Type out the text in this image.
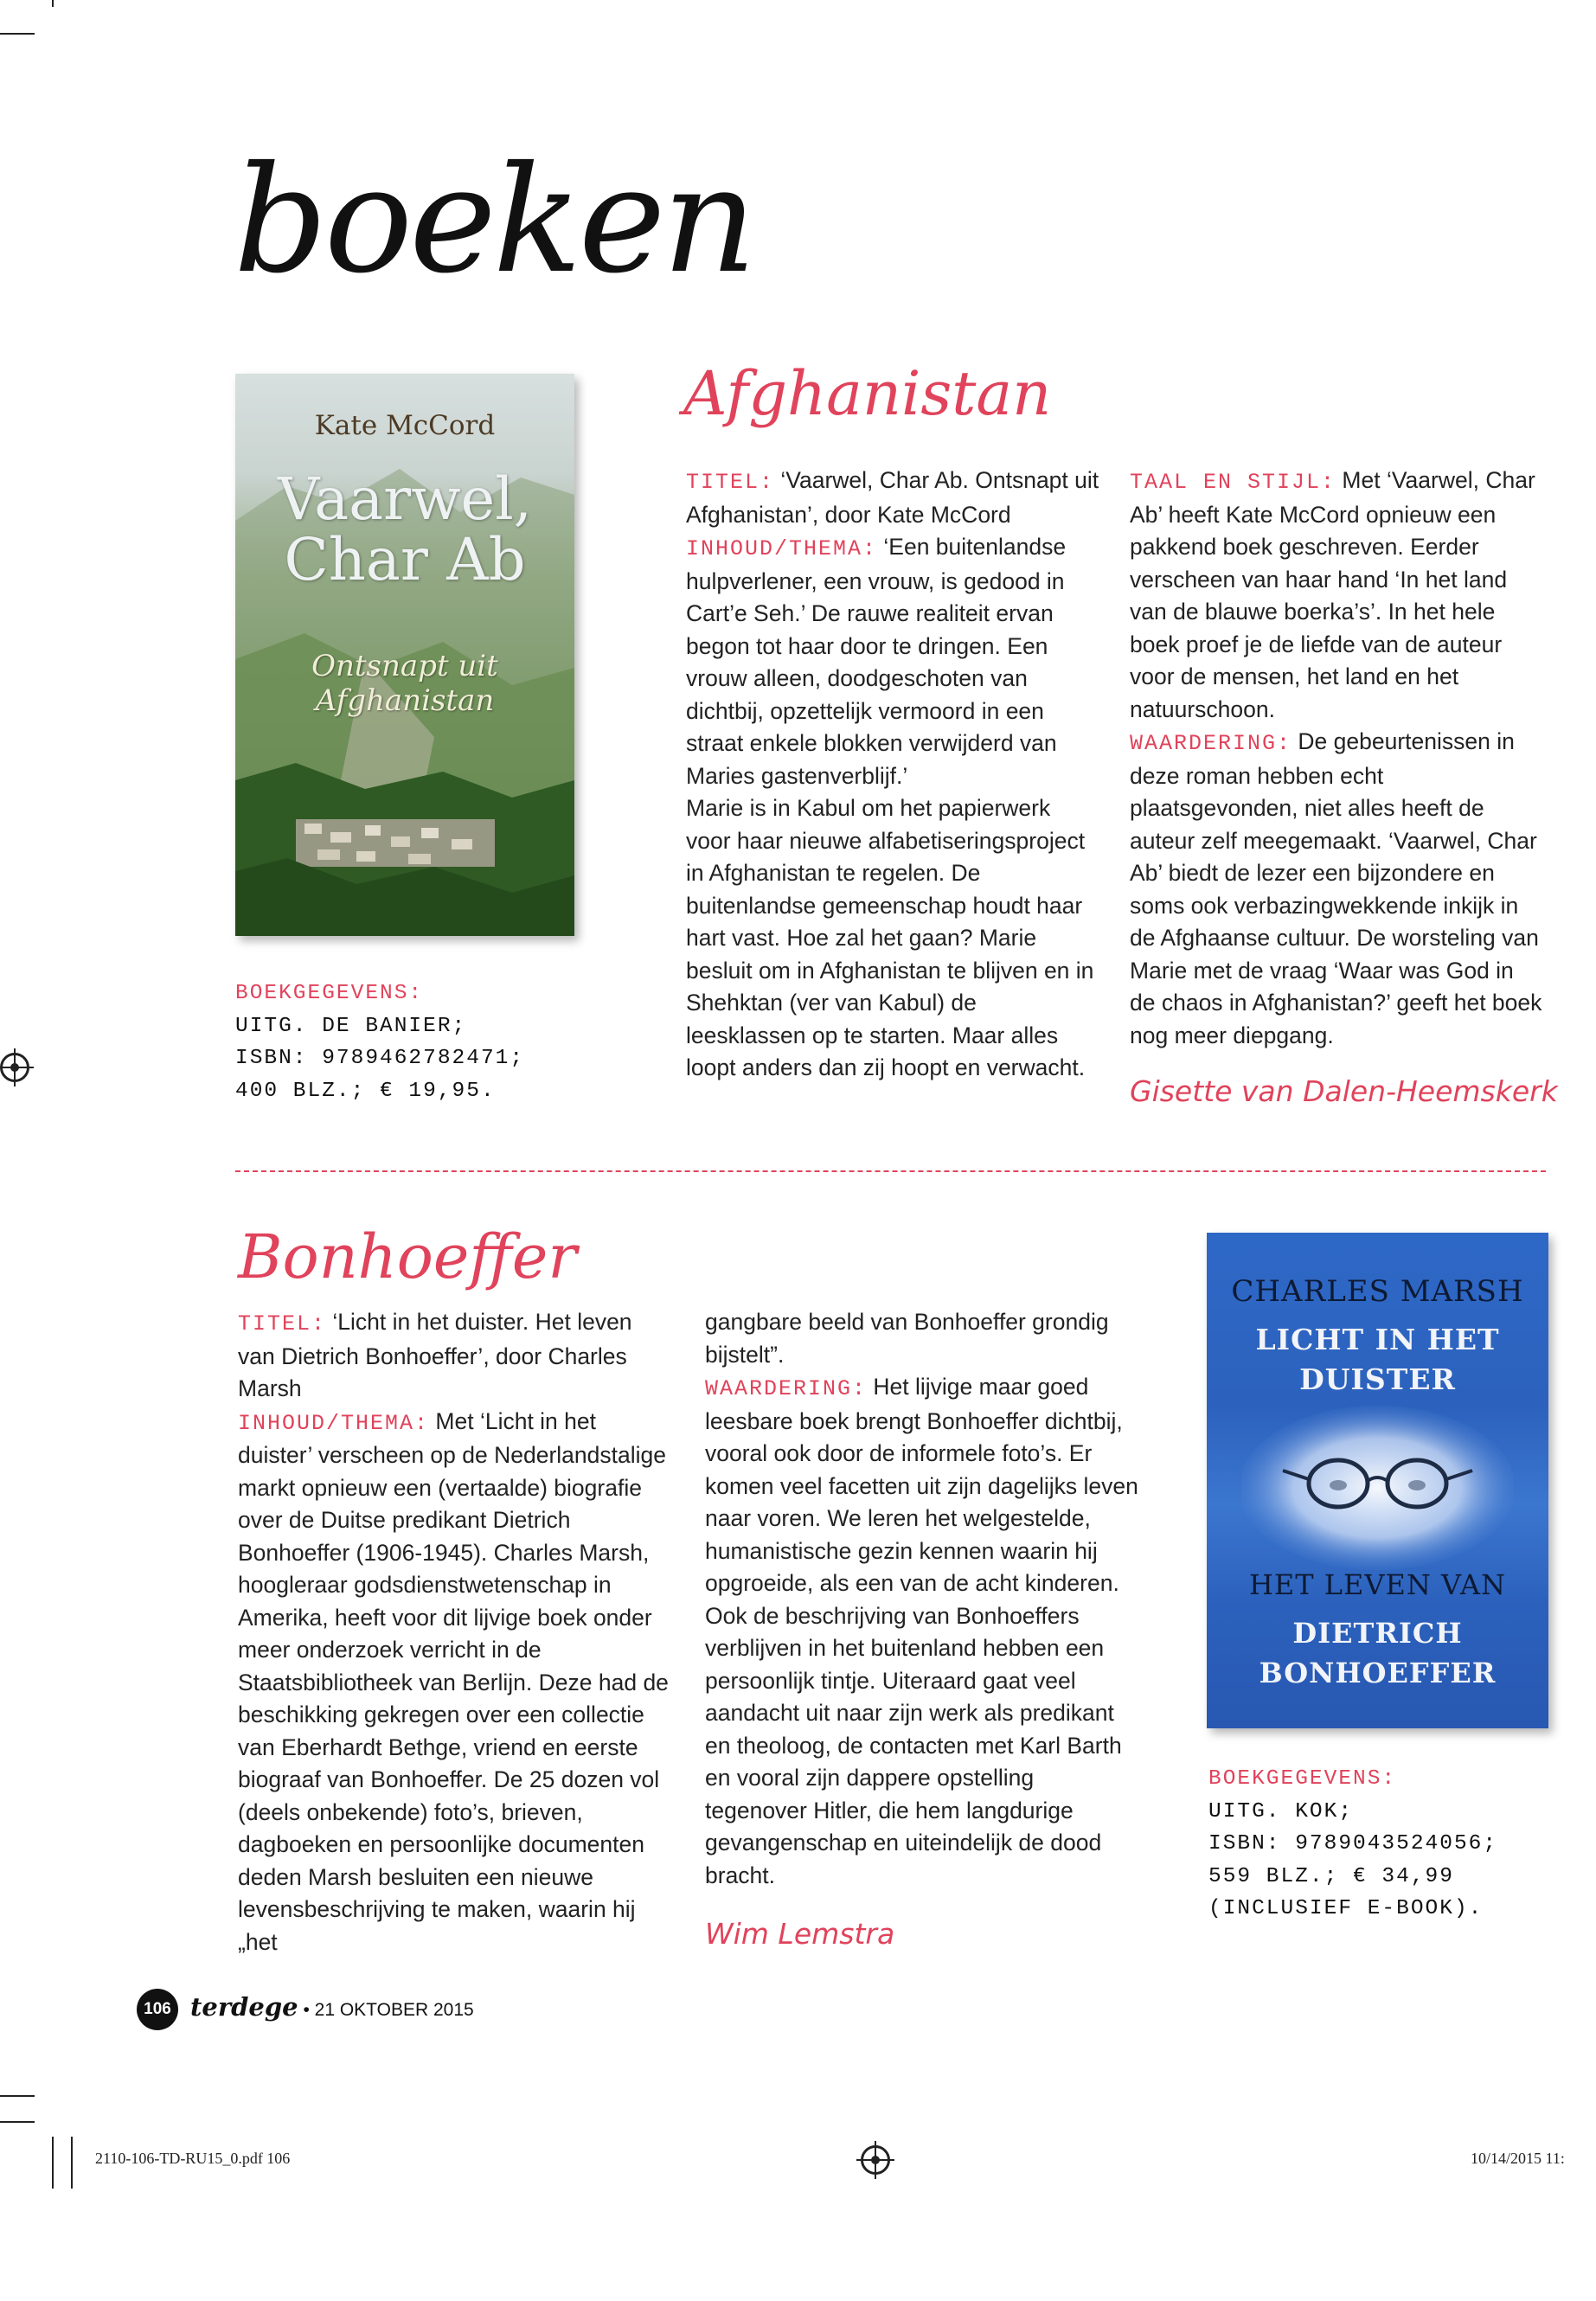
boeken
Kate McCord
Vaarwel,
Char Ab
Ontsnapt uit
Afghanistan
BOEKGEGEVENS:
UITG. DE BANIER;
ISBN: 9789462782471;
400 BLZ.; € 19,95.
Afghanistan

TITEL: ‘Vaarwel, Char Ab. Ontsnapt uit Afghanistan’, door Kate McCord

INHOUD/THEMA: ‘Een buitenlandse hulpverlener, een vrouw, is gedood in Cart’e Seh.’ De rauwe realiteit ervan begon tot haar door te dringen. Een vrouw alleen, doodgeschoten van dichtbij, opzettelijk vermoord in een straat enkele blokken verwijderd van Maries gastenverblijf.’

Marie is in Kabul om het papierwerk voor haar nieuwe alfabetiseringsproject in Afghanistan te regelen. De buitenlandse gemeenschap houdt haar hart vast. Hoe zal het gaan? Marie besluit om in Afghanistan te blijven en in Shehktan (ver van Kabul) de leesklassen op te starten. Maar alles loopt anders dan zij hoopt en verwacht.

TAAL EN STIJL: Met ‘Vaarwel, Char Ab’ heeft Kate McCord opnieuw een pakkend boek geschreven. Eerder verscheen van haar hand ‘In het land van de blauwe boerka’s’. In het hele boek proef je de liefde van de auteur voor de mensen, het land en het natuurschoon.

WAARDERING: De gebeurtenissen in deze roman hebben echt plaatsgevonden, niet alles heeft de auteur zelf meegemaakt. ‘Vaarwel, Char Ab’ biedt de lezer een bijzondere en soms ook verbazingwekkende inkijk in de Afghaanse cultuur. De worsteling van Marie met de vraag ‘Waar was God in de chaos in Afghanistan?’ geeft het boek nog meer diepgang.

Gisette van Dalen-Heemskerk
Bonhoeffer

TITEL: ‘Licht in het duister. Het leven van Dietrich Bonhoeffer’, door Charles Marsh

INHOUD/THEMA: Met ‘Licht in het duister’ verscheen op de Nederlandstalige markt opnieuw een (vertaalde) biografie over de Duitse predikant Dietrich Bonhoeffer (1906-1945). Charles Marsh, hoogleraar godsdienstwetenschap in Amerika, heeft voor dit lijvige boek onder meer onderzoek verricht in de Staatsbibliotheek van Berlijn. Deze had de beschikking gekregen over een collectie van Eberhardt Bethge, vriend en eerste biograaf van Bonhoeffer. De 25 dozen vol (deels onbekende) foto’s, brieven, dagboeken en persoonlijke documenten deden Marsh besluiten een nieuwe levensbeschrijving te maken, waarin hij „het

gangbare beeld van Bonhoeffer grondig bijstelt”.

WAARDERING: Het lijvige maar goed leesbare boek brengt Bonhoeffer dichtbij, vooral ook door de informele foto’s. Er komen veel facetten uit zijn dagelijks leven naar voren. We leren het welgestelde, humanistische gezin kennen waarin hij opgroeide, als een van de acht kinderen. Ook de beschrijving van Bonhoeffers verblijven in het buitenland hebben een persoonlijk tintje. Uiteraard gaat veel aandacht uit naar zijn werk als predikant en theoloog, de contacten met Karl Barth en vooral zijn dappere opstelling tegenover Hitler, die hem langdurige gevangenschap en uiteindelijk de dood bracht.

Wim Lemstra
CHARLES MARSH
LICHT IN HET
DUISTER
HET LEVEN VAN
DIETRICH
BONHOEFFER
BOEKGEGEVENS:
UITG. KOK;
ISBN: 9789043524056;
559 BLZ.; € 34,99
(INCLUSIEF E-BOOK).
106 terdege • 21 OKTOBER 2015
2110-106-TD-RU15_0.pdf 106	10/14/2015 11:
